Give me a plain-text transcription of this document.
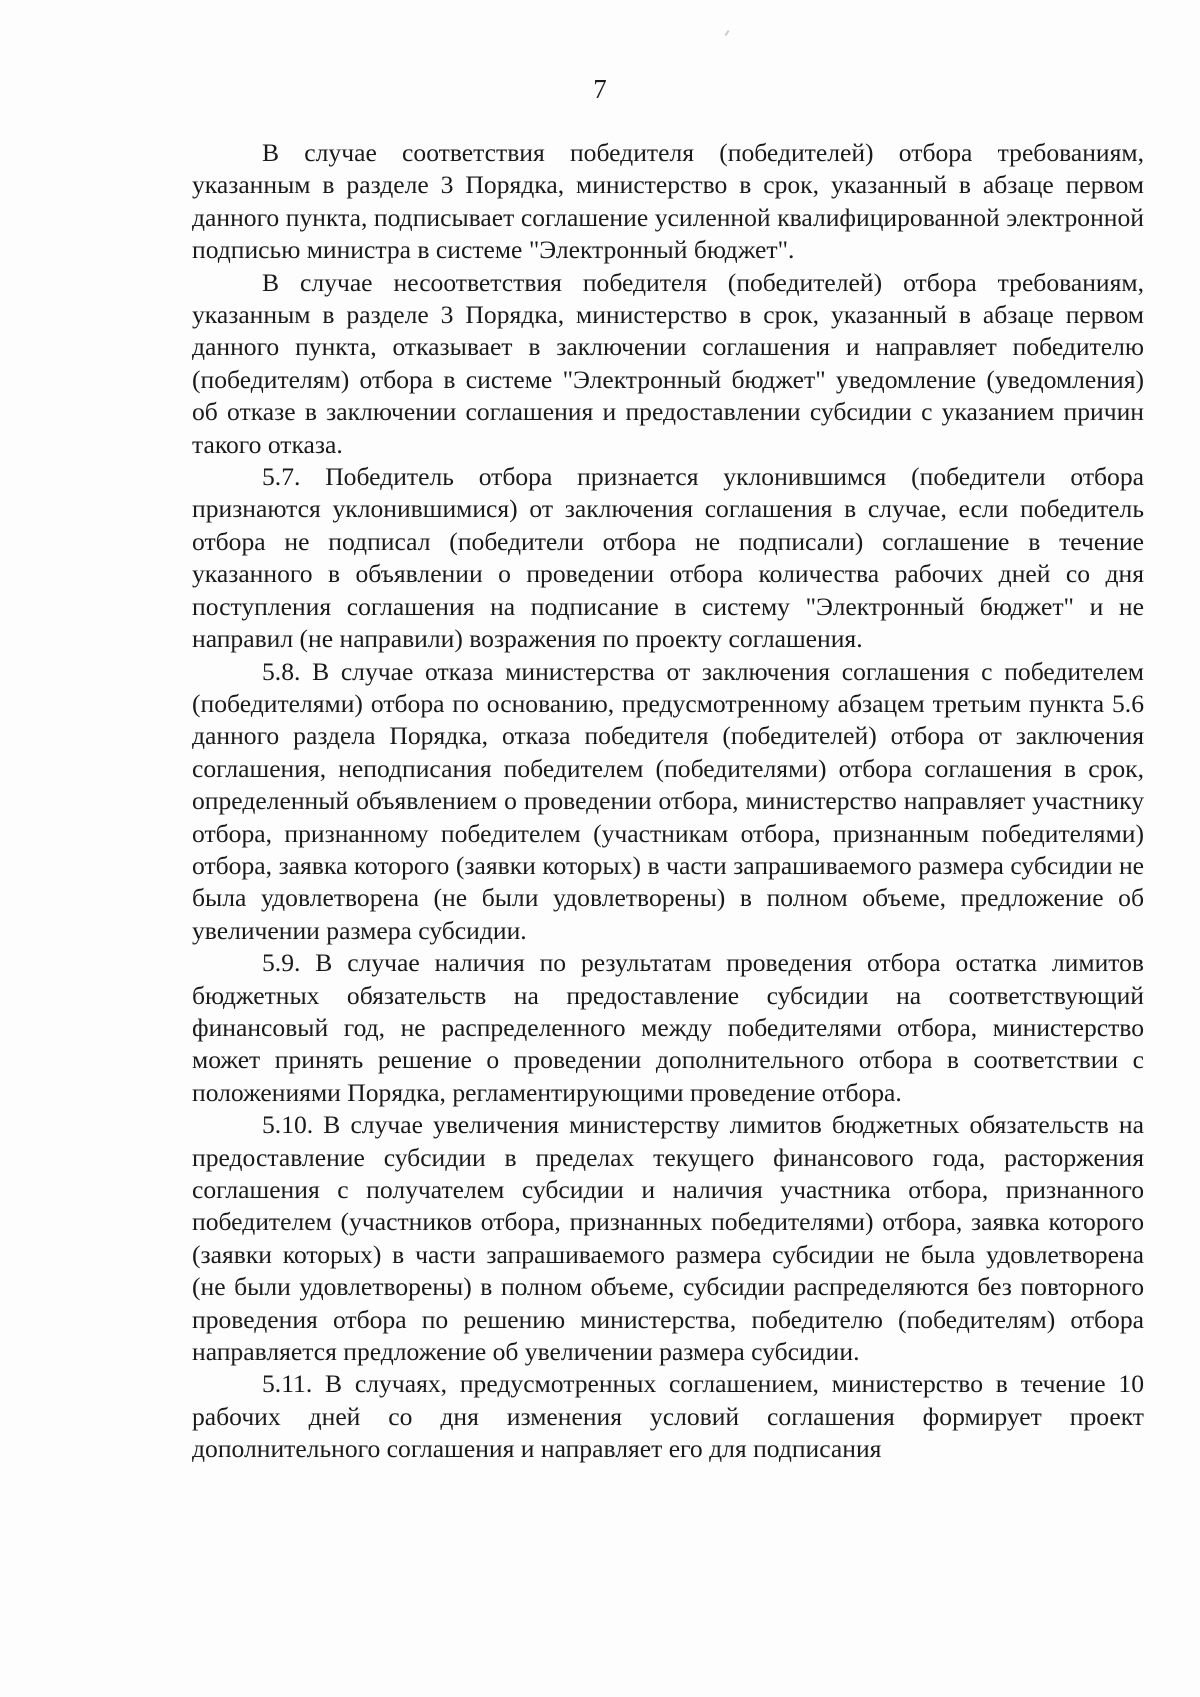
7

В случае соответствия победителя (победителей) отбора требованиям, указанным в разделе 3 Порядка, министерство в срок, указанный в абзаце первом данного пункта, подписывает соглашение усиленной квалифицированной электронной подписью министра в системе "Электронный бюджет".

В случае несоответствия победителя (победителей) отбора требованиям, указанным в разделе 3 Порядка, министерство в срок, указанный в абзаце первом данного пункта, отказывает в заключении соглашения и направляет победителю (победителям) отбора в системе "Электронный бюджет" уведомление (уведомления) об отказе в заключении соглашения и предоставлении субсидии с указанием причин такого отказа.

5.7. Победитель отбора признается уклонившимся (победители отбора признаются уклонившимися) от заключения соглашения в случае, если победитель отбора не подписал (победители отбора не подписали) соглашение в течение указанного в объявлении о проведении отбора количества рабочих дней со дня поступления соглашения на подписание в систему "Электронный бюджет" и не направил (не направили) возражения по проекту соглашения.

5.8. В случае отказа министерства от заключения соглашения с победителем (победителями) отбора по основанию, предусмотренному абзацем третьим пункта 5.6 данного раздела Порядка, отказа победителя (победителей) отбора от заключения соглашения, неподписания победителем (победителями) отбора соглашения в срок, определенный объявлением о проведении отбора, министерство направляет участнику отбора, признанному победителем (участникам отбора, признанным победителями) отбора, заявка которого (заявки которых) в части запрашиваемого размера субсидии не была удовлетворена (не были удовлетворены) в полном объеме, предложение об увеличении размера субсидии.

5.9. В случае наличия по результатам проведения отбора остатка лимитов бюджетных обязательств на предоставление субсидии на соответствующий финансовый год, не распределенного между победителями отбора, министерство может принять решение о проведении дополнительного отбора в соответствии с положениями Порядка, регламентирующими проведение отбора.

5.10. В случае увеличения министерству лимитов бюджетных обязательств на предоставление субсидии в пределах текущего финансового года, расторжения соглашения с получателем субсидии и наличия участника отбора, признанного победителем (участников отбора, признанных победителями) отбора, заявка которого (заявки которых) в части запрашиваемого размера субсидии не была удовлетворена (не были удовлетворены) в полном объеме, субсидии распределяются без повторного проведения отбора по решению министерства, победителю (победителям) отбора направляется предложение об увеличении размера субсидии.

5.11. В случаях, предусмотренных соглашением, министерство в течение 10 рабочих дней со дня изменения условий соглашения формирует проект дополнительного соглашения и направляет его для подписания
